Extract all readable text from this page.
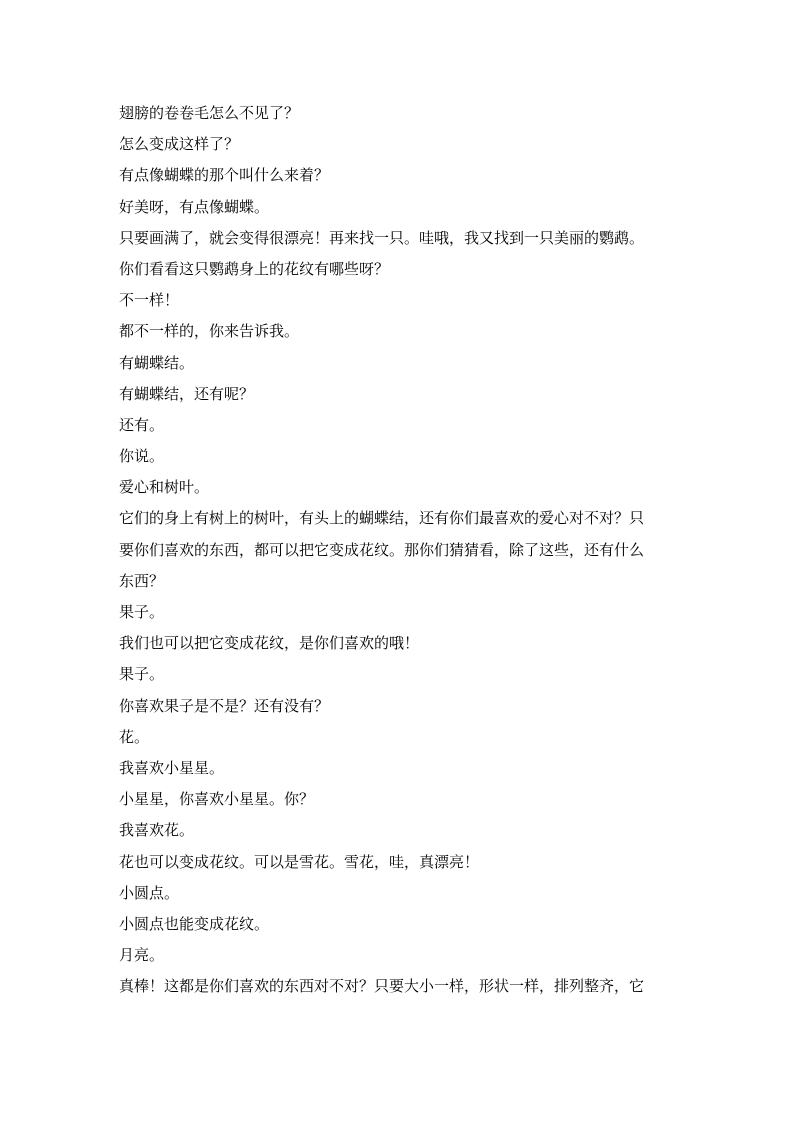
翅膀的卷卷毛怎么不见了？
怎么变成这样了？
有点像蝴蝶的那个叫什么来着？
好美呀，有点像蝴蝶。
只要画满了，就会变得很漂亮！再来找一只。哇哦，我又找到一只美丽的鹦鹉。
你们看看这只鹦鹉身上的花纹有哪些呀？
不一样！
都不一样的，你来告诉我。
有蝴蝶结。
有蝴蝶结，还有呢？
还有。
你说。
爱心和树叶。
它们的身上有树上的树叶，有头上的蝴蝶结，还有你们最喜欢的爱心对不对？只
要你们喜欢的东西，都可以把它变成花纹。那你们猜猜看，除了这些，还有什么
东西？
果子。
我们也可以把它变成花纹，是你们喜欢的哦！
果子。
你喜欢果子是不是？还有没有？
花。
我喜欢小星星。
小星星，你喜欢小星星。你？
我喜欢花。
花也可以变成花纹。可以是雪花。雪花，哇，真漂亮！
小圆点。
小圆点也能变成花纹。
月亮。
真棒！这都是你们喜欢的东西对不对？只要大小一样，形状一样，排列整齐，它
